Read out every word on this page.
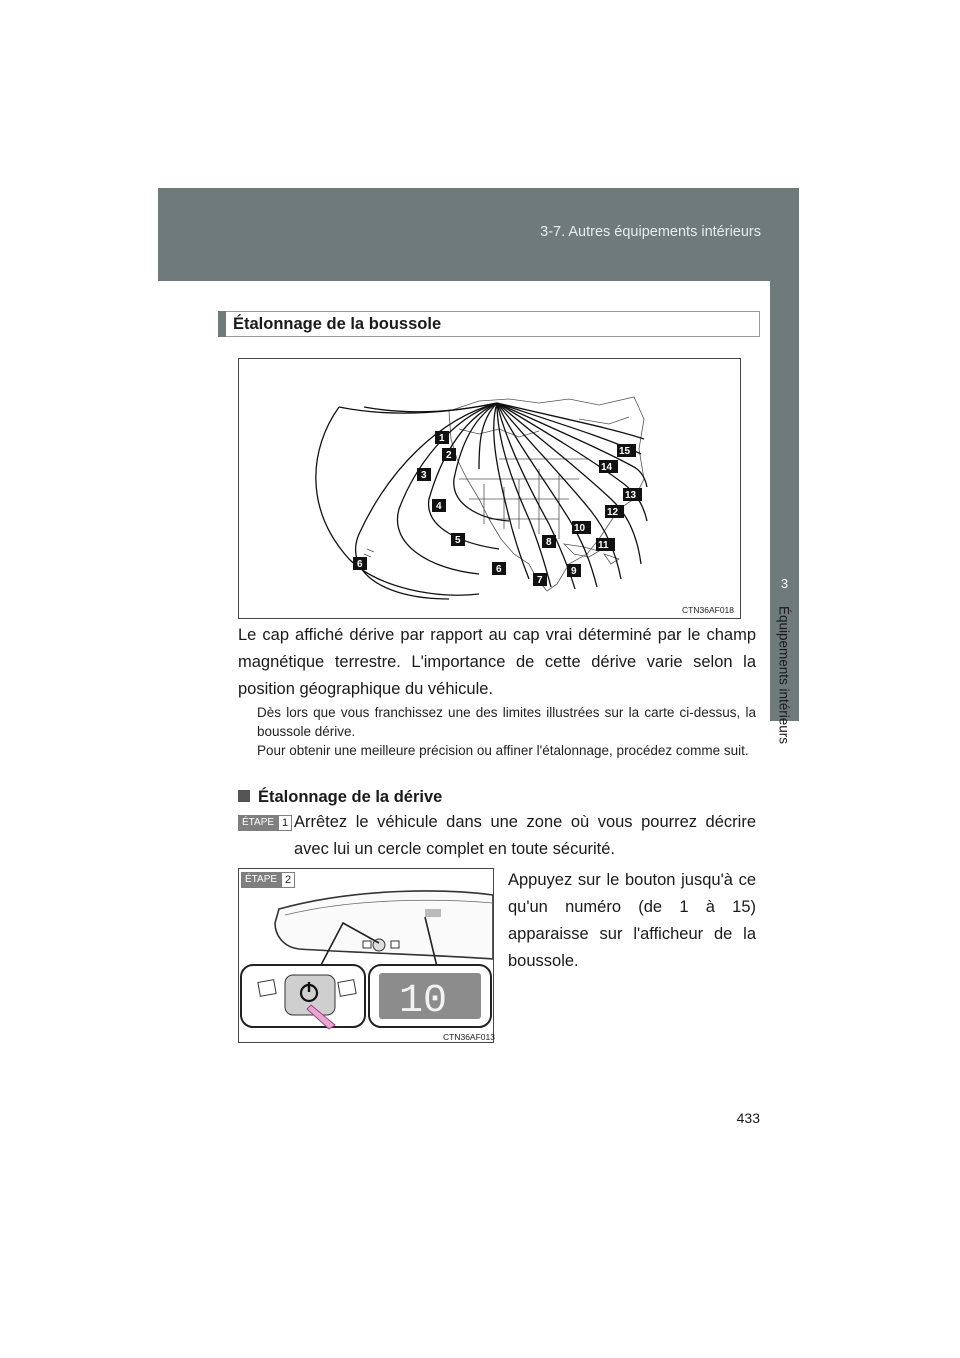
3-7. Autres équipements intérieurs
3
Équipements intérieurs
Étalonnage de la boussole
1
2
3
4
5
6	6
7
8
9
10
11
12
13
14
15
CTN36AF018
Le cap affiché dérive par rapport au cap vrai déterminé par le champ magnétique terrestre. L'importance de cette dérive varie selon la position géographique du véhicule.
Dès lors que vous franchissez une des limites illustrées sur la carte ci-dessus, la boussole dérive.
Pour obtenir une meilleure précision ou affiner l'étalonnage, procédez comme suit.
Étalonnage de la dérive
ÉTAPE 1 Arrêtez le véhicule dans une zone où vous pourrez décrire avec lui un cercle complet en toute sécurité.
ÉTAPE 2
10
CTN36AF013
Appuyez sur le bouton jusqu'à ce qu'un numéro (de 1 à 15) apparaisse sur l'afficheur de la boussole.
433
